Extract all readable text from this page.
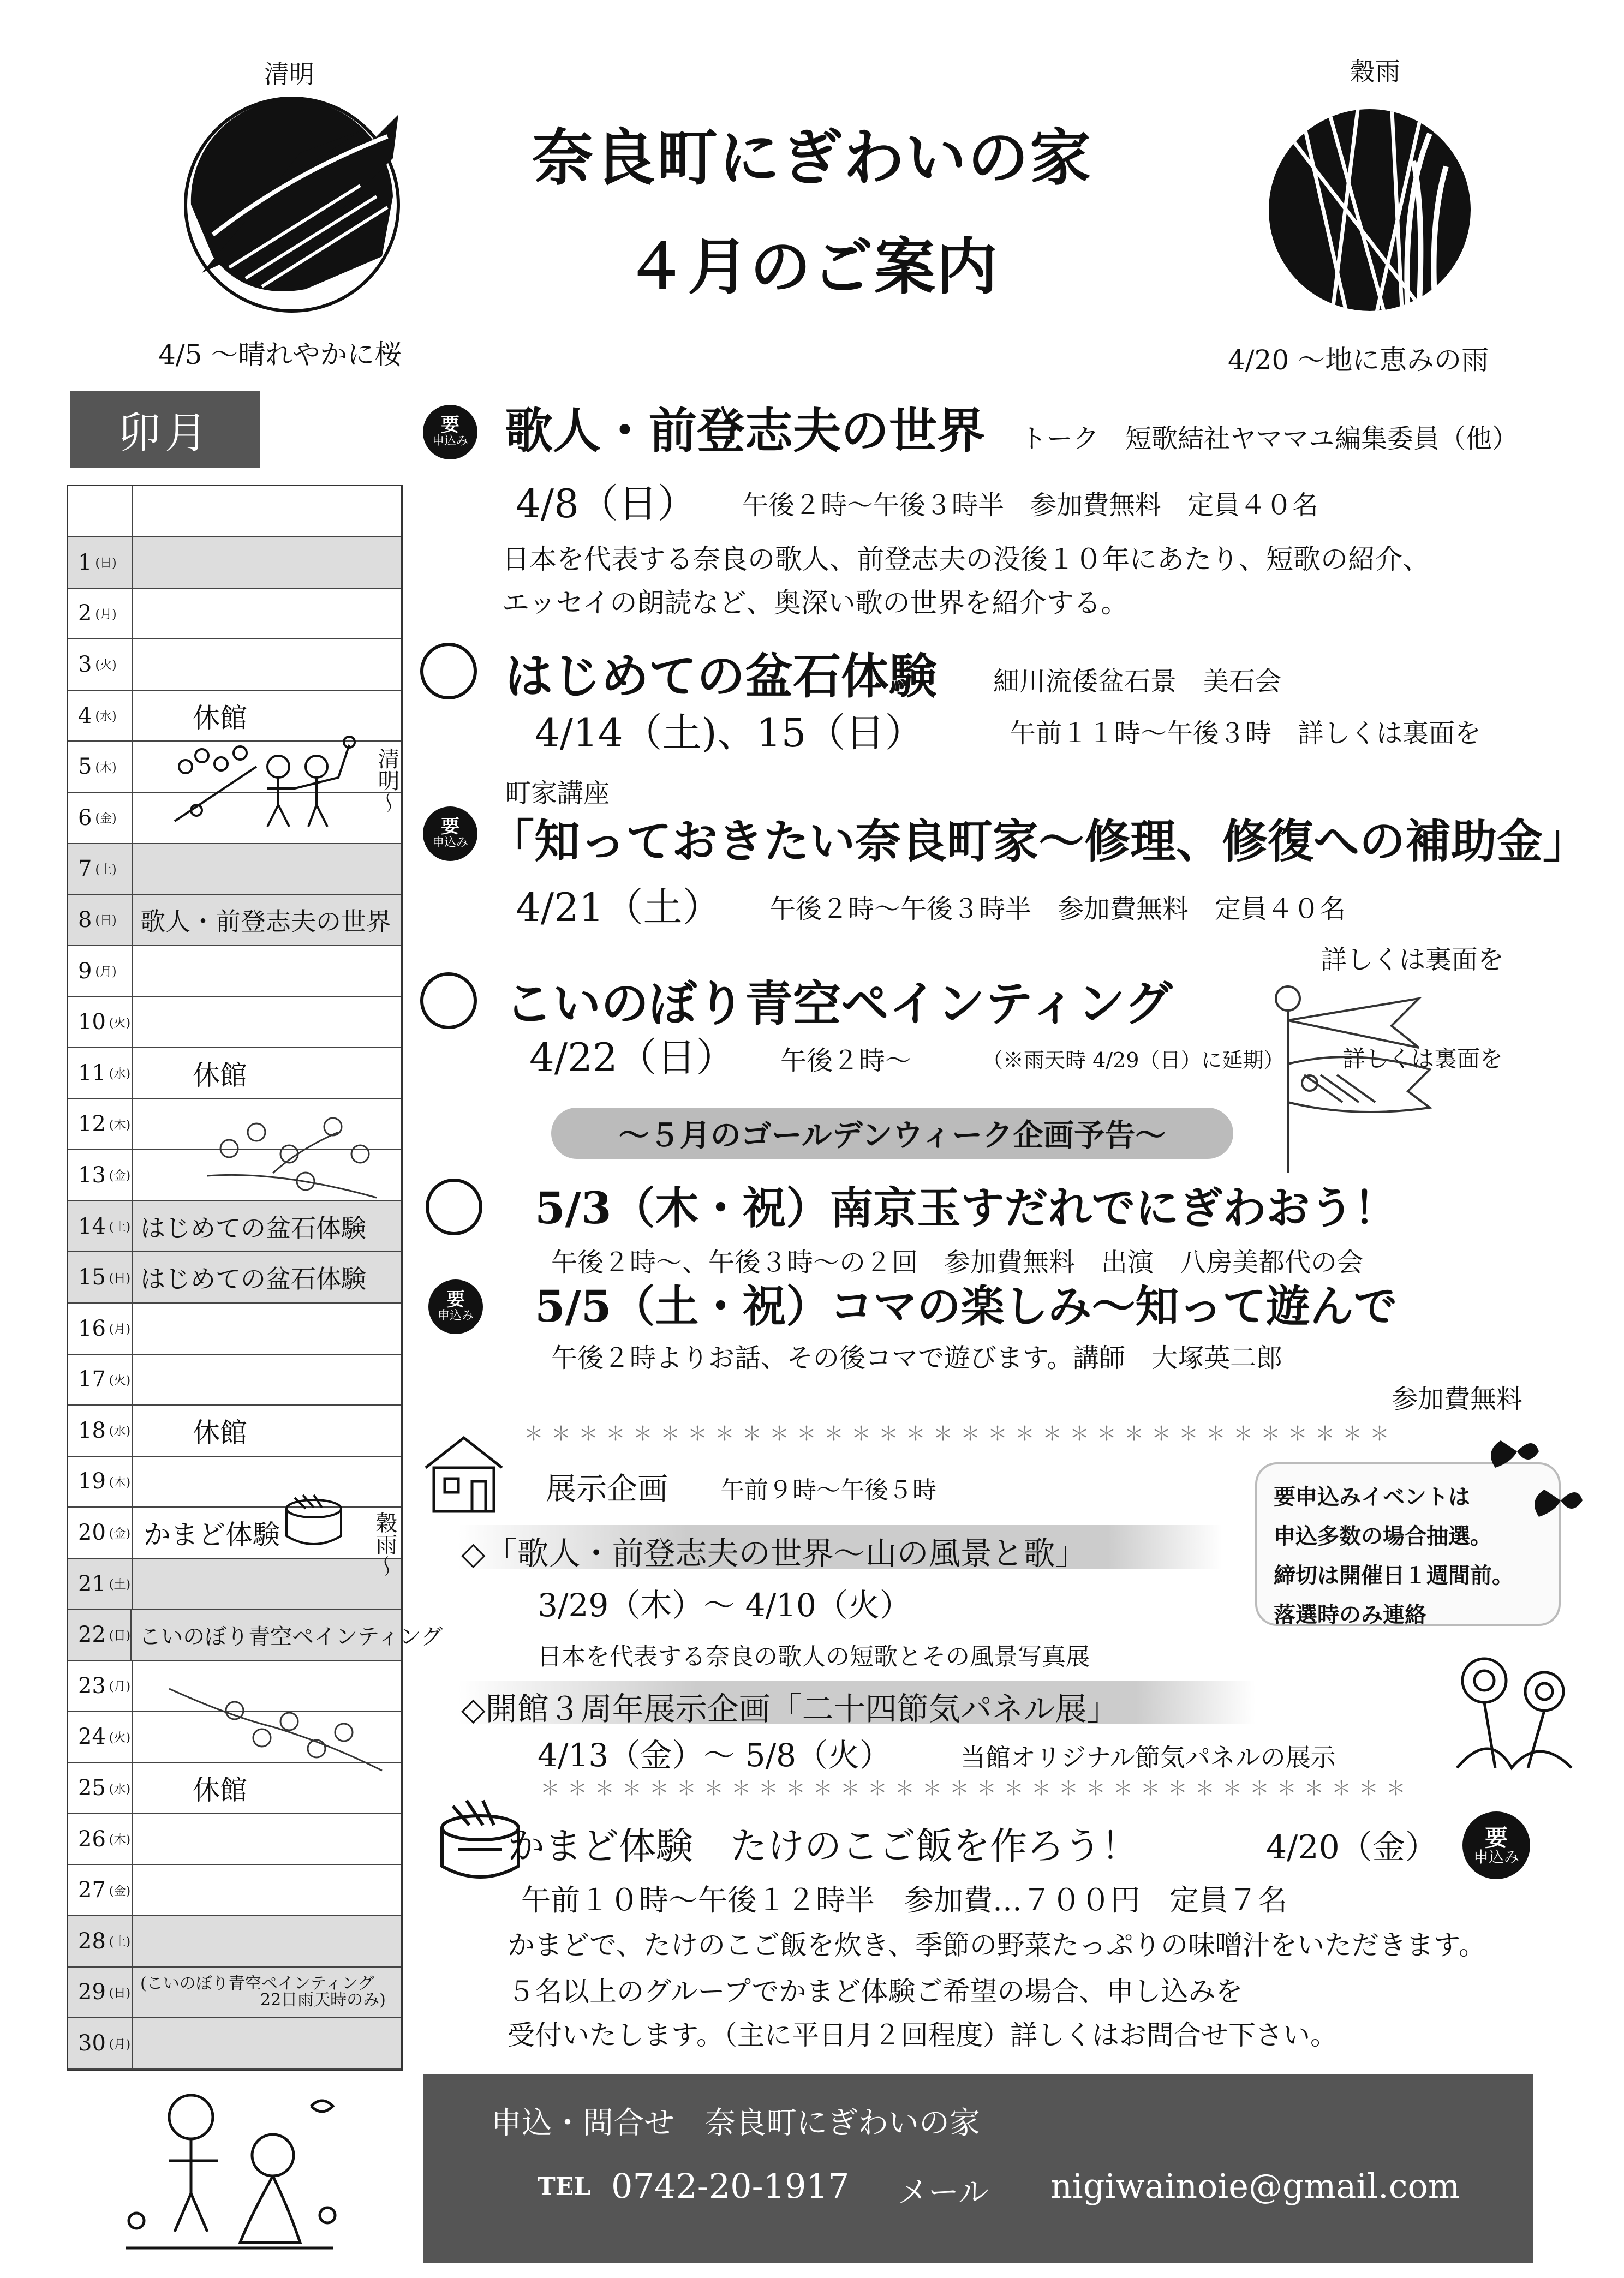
清明
4/5 ～晴れやかに桜
奈良町にぎわいの家
４月のご案内
穀雨
4/20 ～地に恵みの雨
卯月
1 (日)
2 (月)
3 (火)
4 (水)	休館
5 (木)
6 (金)
7 (土)
8 (日) 歌人・前登志夫の世界
9 (月)
10 (火)
11 (水) 休館
12 (木)
13 (金)
14 (土) はじめての盆石体験
15 (日) はじめての盆石体験
16 (月)
17 (火)
18 (水) 休館
19 (木)
20 (金) かまど体験
21 (土)
22 (日) こいのぼり青空ペインティング
23 (月)
24 (火)
25 (水) 休館
26 (木)
27 (金)
28 (土)
29 (日) (こいのぼり青空ペインティング
22日雨天時のみ)
30 (月)
清明～
穀雨～
要
申込み 歌人・前登志夫の世界 トーク　短歌結社ヤママユ編集委員（他）
4/8（日） 午後２時～午後３時半　参加費無料　定員４０名
日本を代表する奈良の歌人、前登志夫の没後１０年にあたり、短歌の紹介、
エッセイの朗読など、奥深い歌の世界を紹介する。
はじめての盆石体験 細川流倭盆石景　美石会
4/14（土)、15（日）	午前１１時～午後３時　詳しくは裏面を
要
申込み
町家講座
「知っておきたい奈良町家～修理、修復への補助金」
4/21（土） 午後２時～午後３時半　参加費無料　定員４０名
詳しくは裏面を
こいのぼり青空ペインティング
4/22（日） 午後２時～	（※雨天時 4/29（日）に延期）	詳しくは裏面を
～５月のゴールデンウィーク企画予告～
5/3（木・祝）南京玉すだれでにぎわおう！
午後２時～、午後３時～の２回　参加費無料　出演　八房美都代の会
要
申込み 5/5（土・祝）コマの楽しみ～知って遊んで
午後２時よりお話、その後コマで遊びます。講師　大塚英二郎
参加費無料
＊＊＊＊＊＊＊＊＊＊＊＊＊＊＊＊＊＊＊＊＊＊＊＊＊＊＊＊＊＊＊＊
展示企画 午前９時～午後５時
◇「歌人・前登志夫の世界～山の風景と歌」
3/29（木）～ 4/10（火）
日本を代表する奈良の歌人の短歌とその風景写真展
◇開館３周年展示企画「二十四節気パネル展」
4/13（金）～ 5/8（火）	当館オリジナル節気パネルの展示
要申込みイベントは
申込多数の場合抽選。
締切は開催日１週間前。
落選時のみ連絡
＊＊＊＊＊＊＊＊＊＊＊＊＊＊＊＊＊＊＊＊＊＊＊＊＊＊＊＊＊＊＊＊
かまど体験　たけのこご飯を作ろう！	4/20（金） 要
申込み
午前１０時～午後１２時半　参加費…７００円　定員７名
かまどで、たけのこご飯を炊き、季節の野菜たっぷりの味噌汁をいただきます。
５名以上のグループでかまど体験ご希望の場合、申し込みを
受付いたします。（主に平日月２回程度）詳しくはお問合せ下さい。
申込・問合せ　奈良町にぎわいの家
TEL 0742-20-1917 メール nigiwainoie@gmail.com
